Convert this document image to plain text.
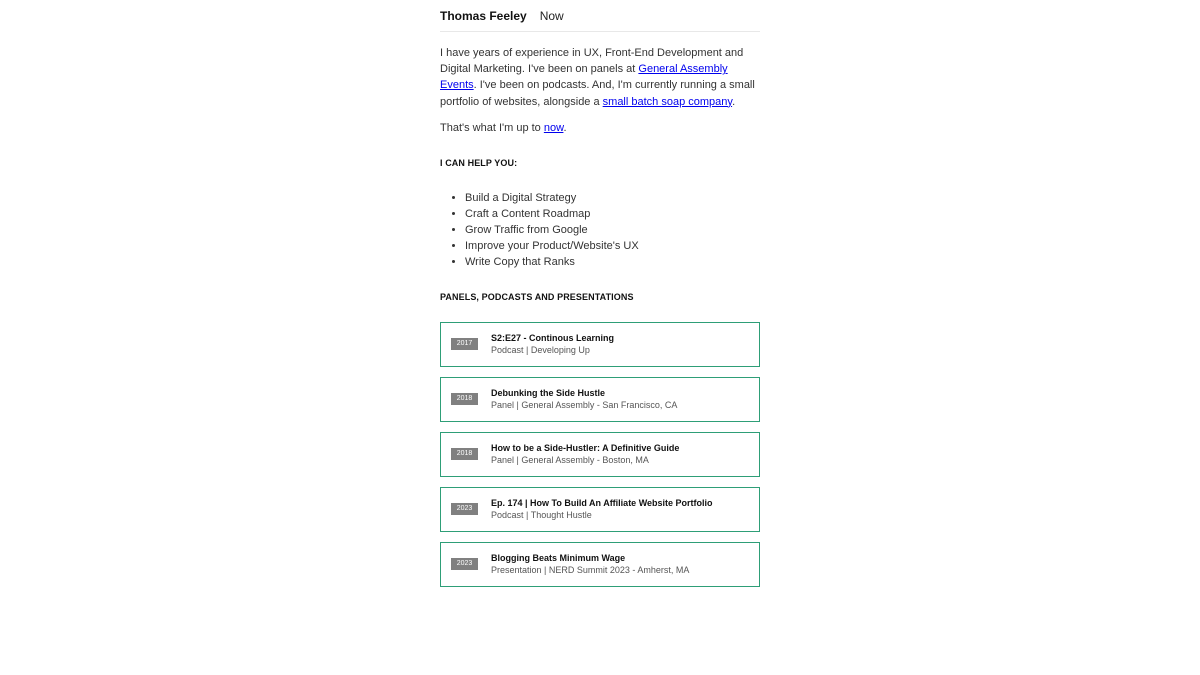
Thomas Feeley Now

I have years of experience in UX, Front-End Development and Digital Marketing. I've been on panels at General Assembly Events. I've been on podcasts. And, I'm currently running a small portfolio of websites, alongside a small batch soap company.

That's what I'm up to now.

I CAN HELP YOU:
• Build a Digital Strategy
• Craft a Content Roadmap
• Grow Traffic from Google
• Improve your Product/Website's UX
• Write Copy that Ranks
PANELS, PODCASTS AND PRESENTATIONS
2017
S2:E27 - Continous Learning
Podcast | Developing Up
2018
Debunking the Side Hustle
Panel | General Assembly - San Francisco, CA
2018
How to be a Side-Hustler: A Definitive Guide
Panel | General Assembly - Boston, MA
2023
Ep. 174 | How To Build An Affiliate Website Portfolio
Podcast | Thought Hustle
2023
Blogging Beats Minimum Wage
Presentation | NERD Summit 2023 - Amherst, MA
